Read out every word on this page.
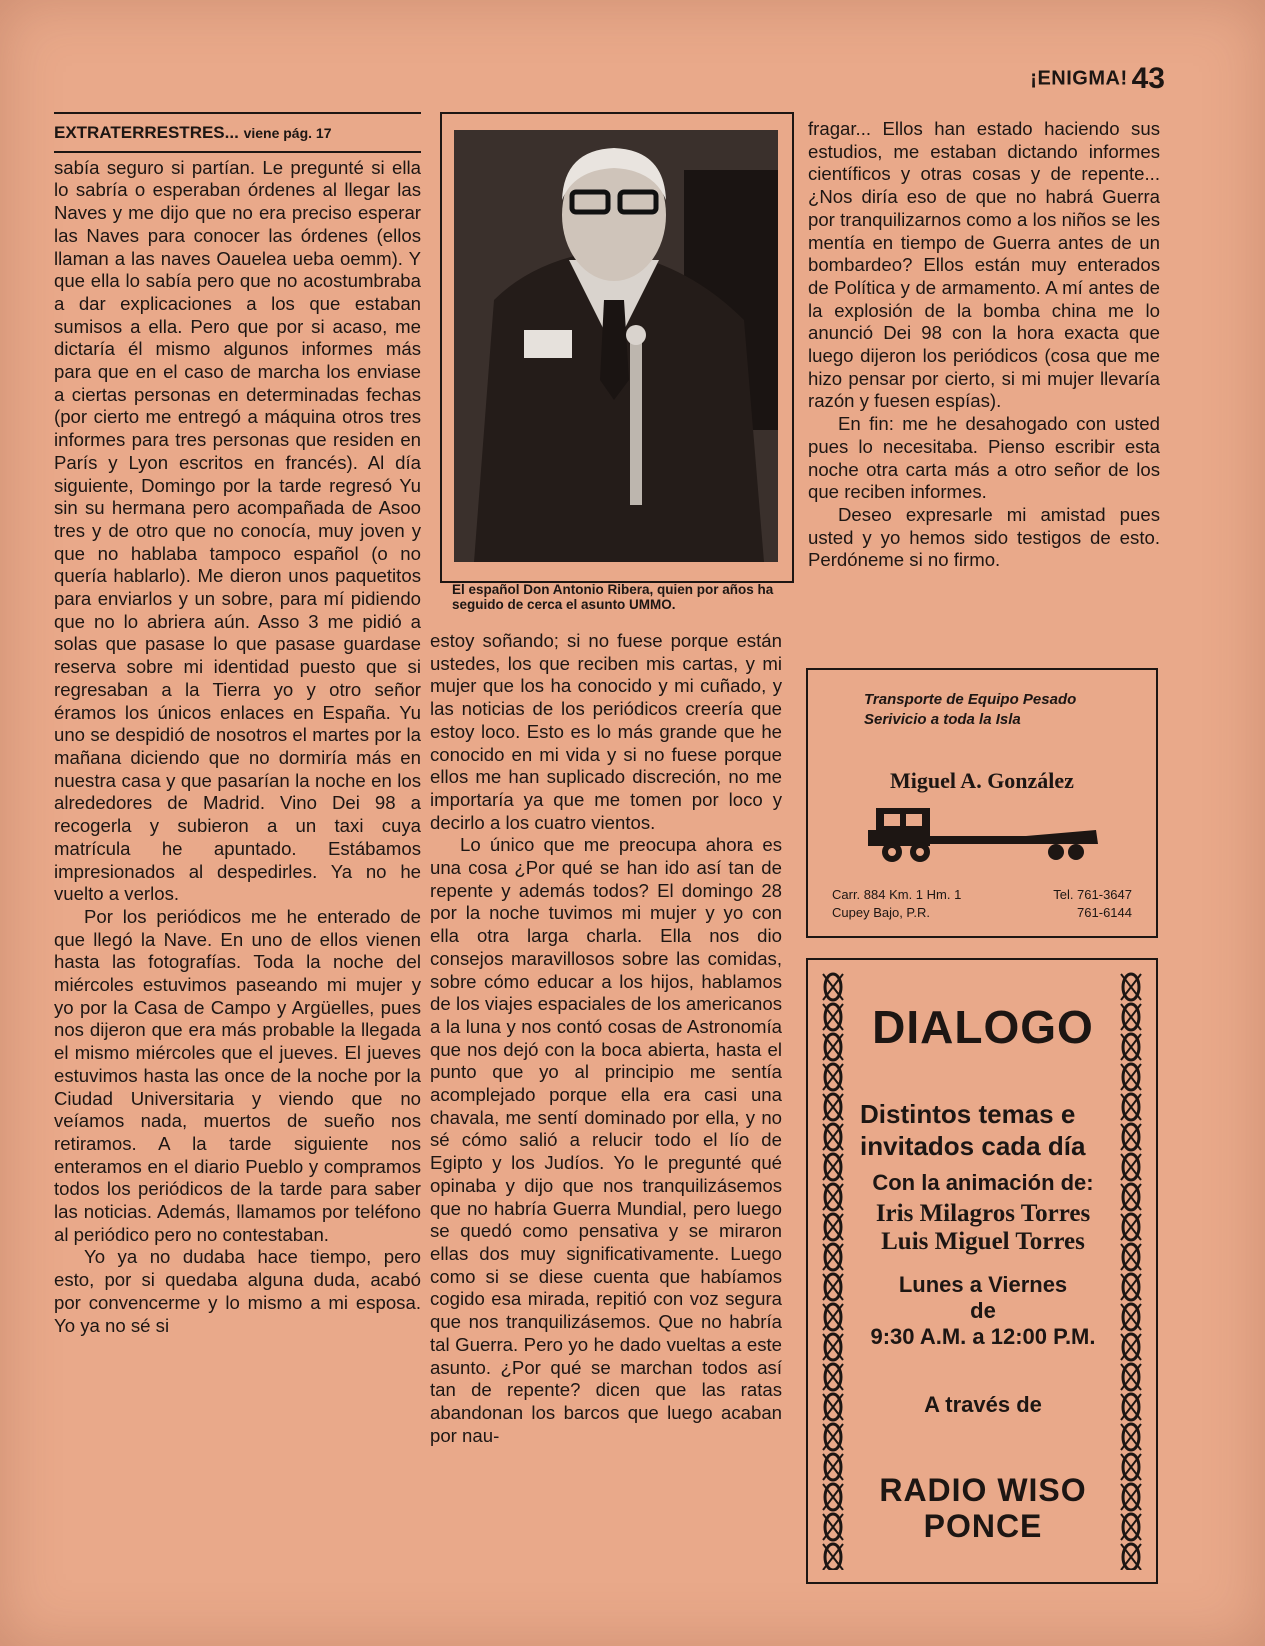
¡ENIGMA! 43
EXTRATERRESTRES... viene pág. 17

sabía seguro si partían. Le pregunté si ella lo sabría o esperaban órdenes al llegar las Naves y me dijo que no era preciso esperar las Naves para conocer las órdenes (ellos llaman a las naves Oauelea ueba oemm). Y que ella lo sabía pero que no acostumbraba a dar explicaciones a los que estaban sumisos a ella. Pero que por si acaso, me dictaría él mismo algunos informes más para que en el caso de marcha los enviase a ciertas personas en determinadas fechas (por cierto me entregó a máquina otros tres informes para tres personas que residen en París y Lyon escritos en francés). Al día siguiente, Domingo por la tarde regresó Yu sin su hermana pero acompañada de Asoo tres y de otro que no conocía, muy joven y que no hablaba tampoco español (o no quería hablarlo). Me dieron unos paquetitos para enviarlos y un sobre, para mí pidiendo que no lo abriera aún. Asso 3 me pidió a solas que pasase lo que pasase guardase reserva sobre mi identidad puesto que si regresaban a la Tierra yo y otro señor éramos los únicos enlaces en España. Yu uno se despidió de nosotros el martes por la mañana diciendo que no dormiría más en nuestra casa y que pasarían la noche en los alrededores de Madrid. Vino Dei 98 a recogerla y subieron a un taxi cuya matrícula he apuntado. Estábamos impresionados al despedirles. Ya no he vuelto a verlos.

Por los periódicos me he enterado de que llegó la Nave. En uno de ellos vienen hasta las fotografías. Toda la noche del miércoles estuvimos paseando mi mujer y yo por la Casa de Campo y Argüelles, pues nos dijeron que era más probable la llegada el mismo miércoles que el jueves. El jueves estuvimos hasta las once de la noche por la Ciudad Universitaria y viendo que no veíamos nada, muertos de sueño nos retiramos. A la tarde siguiente nos enteramos en el diario Pueblo y compramos todos los periódicos de la tarde para saber las noticias. Además, llamamos por teléfono al periódico pero no contestaban.

Yo ya no dudaba hace tiempo, pero esto, por si quedaba alguna duda, acabó por convencerme y lo mismo a mi esposa. Yo ya no sé si

El español Don Antonio Ribera, quien por años ha seguido de cerca el asunto UMMO.

estoy soñando; si no fuese porque están ustedes, los que reciben mis cartas, y mi mujer que los ha conocido y mi cuñado, y las noticias de los periódicos creería que estoy loco. Esto es lo más grande que he conocido en mi vida y si no fuese porque ellos me han suplicado discreción, no me importaría ya que me tomen por loco y decirlo a los cuatro vientos.

Lo único que me preocupa ahora es una cosa ¿Por qué se han ido así tan de repente y además todos? El domingo 28 por la noche tuvimos mi mujer y yo con ella otra larga charla. Ella nos dio consejos maravillosos sobre las comidas, sobre cómo educar a los hijos, hablamos de los viajes espaciales de los americanos a la luna y nos contó cosas de Astronomía que nos dejó con la boca abierta, hasta el punto que yo al principio me sentía acomplejado porque ella era casi una chavala, me sentí dominado por ella, y no sé cómo salió a relucir todo el lío de Egipto y los Judíos. Yo le pregunté qué opinaba y dijo que nos tranquilizásemos que no habría Guerra Mundial, pero luego se quedó como pensativa y se miraron ellas dos muy significativamente. Luego como si se diese cuenta que habíamos cogido esa mirada, repitió con voz segura que nos tranquilizásemos. Que no habría tal Guerra. Pero yo he dado vueltas a este asunto. ¿Por qué se marchan todos así tan de repente? dicen que las ratas abandonan los barcos que luego acaban por nau-

fragar... Ellos han estado haciendo sus estudios, me estaban dictando informes científicos y otras cosas y de repente... ¿Nos diría eso de que no habrá Guerra por tranquilizarnos como a los niños se les mentía en tiempo de Guerra antes de un bombardeo? Ellos están muy enterados de Política y de armamento. A mí antes de la explosión de la bomba china me lo anunció Dei 98 con la hora exacta que luego dijeron los periódicos (cosa que me hizo pensar por cierto, si mi mujer llevaría razón y fuesen espías).

En fin: me he desahogado con usted pues lo necesitaba. Pienso escribir esta noche otra carta más a otro señor de los que reciben informes.

Deseo expresarle mi amistad pues usted y yo hemos sido testigos de esto. Perdóneme si no firmo.

Transporte de Equipo Pesado
Serivicio a toda la Isla
Miguel A. González
Carr. 884 Km. 1 Hm. 1
Cupey Bajo, P.R.
Tel. 761-3647
761-6144
DIALOGO
Distintos temas e
invitados cada día
Con la animación de:
Iris Milagros Torres
Luis Miguel Torres
Lunes a Viernes
de
9:30 A.M. a 12:00 P.M.
A través de
RADIO WISO
PONCE
